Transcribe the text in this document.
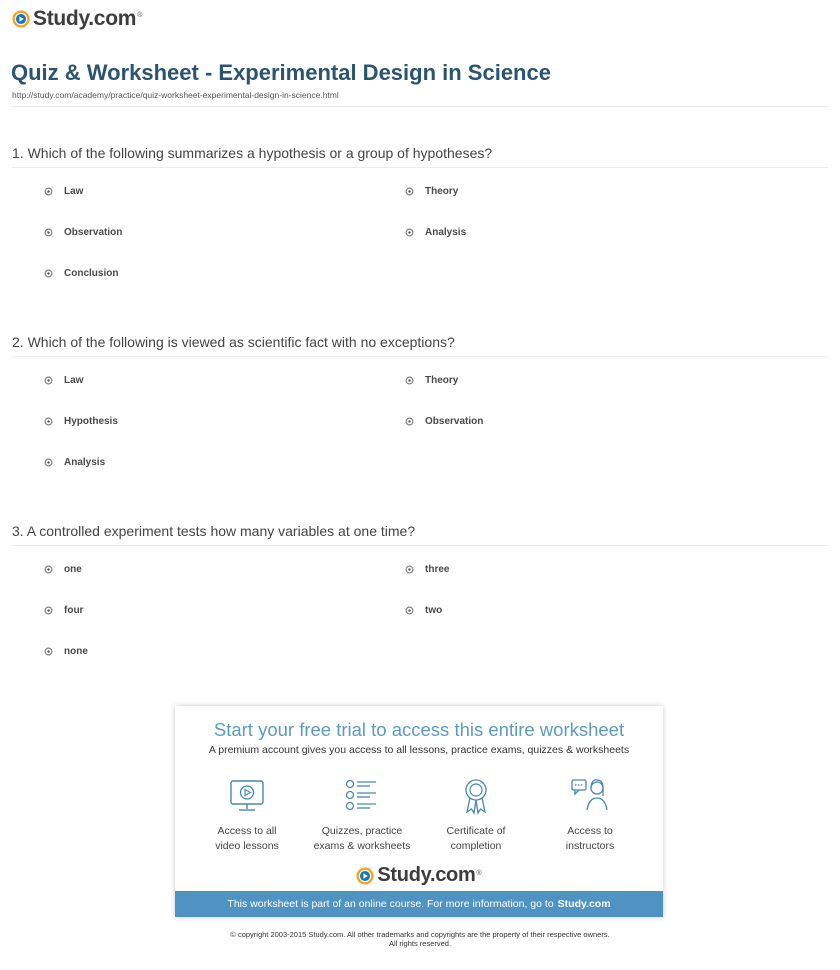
Study.com ®
Quiz & Worksheet - Experimental Design in Science
http://study.com/academy/practice/quiz-worksheet-experimental-design-in-science.html
1. Which of the following summarizes a hypothesis or a group of hypotheses?
Law	Theory
Observation	Analysis
Conclusion
2. Which of the following is viewed as scientific fact with no exceptions?
Law	Theory
Hypothesis	Observation
Analysis
3. A controlled experiment tests how many variables at one time?
one	three
four	two
none
Start your free trial to access this entire worksheet
A premium account gives you access to all lessons, practice exams, quizzes & worksheets
Access to all
video lessons
Quizzes, practice
exams & worksheets
Certificate of
completion
Access to
instructors
Study.com ®
This worksheet is part of an online course. For more information, go to Study.com
© copyright 2003-2015 Study.com. All other trademarks and copyrights are the property of their respective owners.
All rights reserved.
